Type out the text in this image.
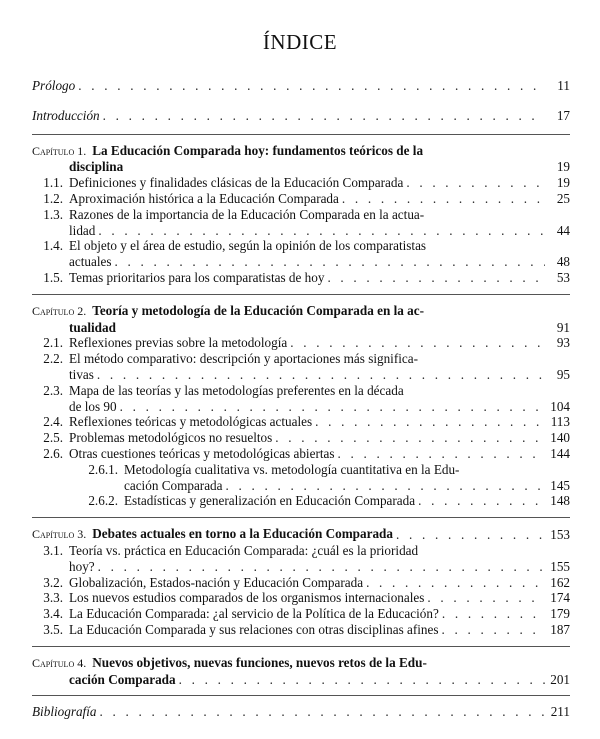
ÍNDICE
Prólogo . . .	11
Introducción . . .	17
Capítulo 1. La Educación Comparada hoy: fundamentos teóricos de la
disciplina	19
1.1. Definiciones y finalidades clásicas de la Educación Comparada . . .	19
1.2. Aproximación histórica a la Educación Comparada . . .	25
1.3. Razones de la importancia de la Educación Comparada en la actua-
lidad . . .	44
1.4. El objeto y el área de estudio, según la opinión de los comparatistas
actuales . . .	48
1.5. Temas prioritarios para los comparatistas de hoy . . .	53
Capítulo 2. Teoría y metodología de la Educación Comparada en la ac-
tualidad	91
2.1. Reflexiones previas sobre la metodología . . .	93
2.2. El método comparativo: descripción y aportaciones más significa-
tivas . . .	95
2.3. Mapa de las teorías y las metodologías preferentes en la década
de los 90 . . .	104
2.4. Reflexiones teóricas y metodológicas actuales . . .	113
2.5. Problemas metodológicos no resueltos . . .	140
2.6. Otras cuestiones teóricas y metodológicas abiertas . . .	144
2.6.1. Metodología cualitativa vs. metodología cuantitativa en la Edu-
cación Comparada . . .	145
2.6.2. Estadísticas y generalización en Educación Comparada . . .	148
Capítulo 3. Debates actuales en torno a la Educación Comparada . . .	153
3.1. Teoría vs. práctica en Educación Comparada: ¿cuál es la prioridad
hoy? . . .	155
3.2. Globalización, Estados-nación y Educación Comparada . . .	162
3.3. Los nuevos estudios comparados de los organismos internacionales . . .	174
3.4. La Educación Comparada: ¿al servicio de la Política de la Educación? . . .	179
3.5. La Educación Comparada y sus relaciones con otras disciplinas afines . . .	187
Capítulo 4. Nuevos objetivos, nuevas funciones, nuevos retos de la Edu-
cación Comparada . . .	201
Bibliografía . . .	211
